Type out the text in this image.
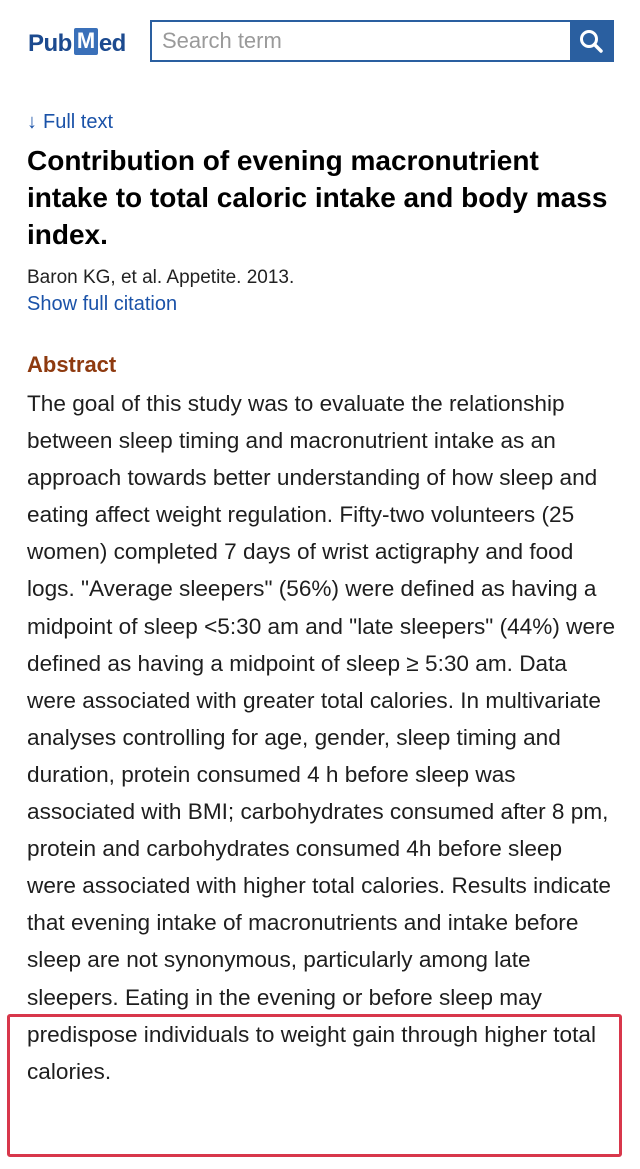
Pub M ed
Search term
↓ Full text
Contribution of evening macronutrient intake to total caloric intake and body mass index.
Baron KG, et al. Appetite. 2013.
Show full citation
Abstract
The goal of this study was to evaluate the relationship between sleep timing and macronutrient intake as an approach towards better understanding of how sleep and eating affect weight regulation. Fifty-two volunteers (25 women) completed 7 days of wrist actigraphy and food logs. "Average sleepers" (56%) were defined as having a midpoint of sleep <5:30 am and "late sleepers" (44%) were defined as having a midpoint of sleep ≥ 5:30 am. Data were associated with greater total calories. In multivariate analyses controlling for age, gender, sleep timing and duration, protein consumed 4 h before sleep was associated with BMI; carbohydrates consumed after 8 pm, protein and carbohydrates consumed 4h before sleep were associated with higher total calories. Results indicate that evening intake of macronutrients and intake before sleep are not synonymous, particularly among late sleepers. Eating in the evening or before sleep may predispose individuals to weight gain through higher total calories.
